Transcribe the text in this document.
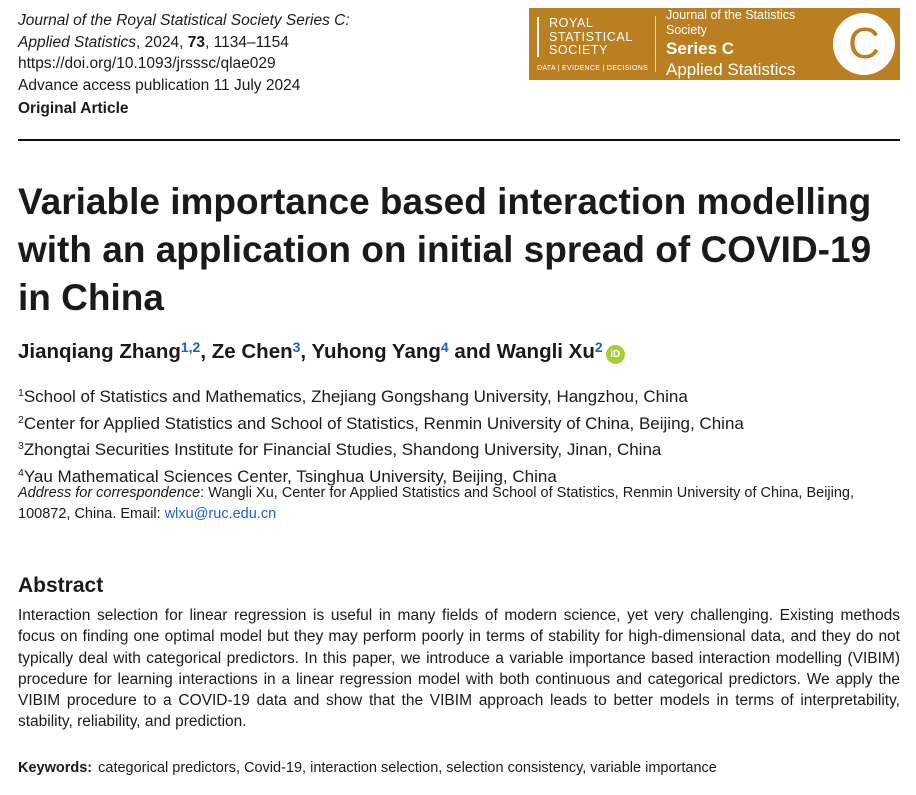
Journal of the Royal Statistical Society Series C:
Applied Statistics, 2024, 73, 1134–1154
https://doi.org/10.1093/jrsssc/qlae029
Advance access publication 11 July 2024
Original Article
ROYAL
STATISTICAL
SOCIETY
DATA | EVIDENCE | DECISIONS
Journal of the Statistics Society
Series C
Applied Statistics
C
Variable importance based interaction modelling with an application on initial spread of COVID-19 in China
Jianqiang Zhang$^{1,2}$, Ze Chen$^3$, Yuhong Yang$^4$ and Wangli Xu$^2$ iD
$^1$School of Statistics and Mathematics, Zhejiang Gongshang University, Hangzhou, China
$^2$Center for Applied Statistics and School of Statistics, Renmin University of China, Beijing, China
$^3$Zhongtai Securities Institute for Financial Studies, Shandong University, Jinan, China
$^4$Yau Mathematical Sciences Center, Tsinghua University, Beijing, China
Address for correspondence: Wangli Xu, Center for Applied Statistics and School of Statistics, Renmin University of China, Beijing, 100872, China. Email: wlxu@ruc.edu.cn
Abstract

Interaction selection for linear regression is useful in many fields of modern science, yet very challenging. Existing methods focus on finding one optimal model but they may perform poorly in terms of stability for high-dimensional data, and they do not typically deal with categorical predictors. In this paper, we introduce a variable importance based interaction modelling (VIBIM) procedure for learning interactions in a linear regression model with both continuous and categorical predictors. We apply the VIBIM procedure to a COVID-19 data and show that the VIBIM approach leads to better models in terms of interpretability, stability, reliability, and prediction.

Keywords: categorical predictors, Covid-19, interaction selection, selection consistency, variable importance
